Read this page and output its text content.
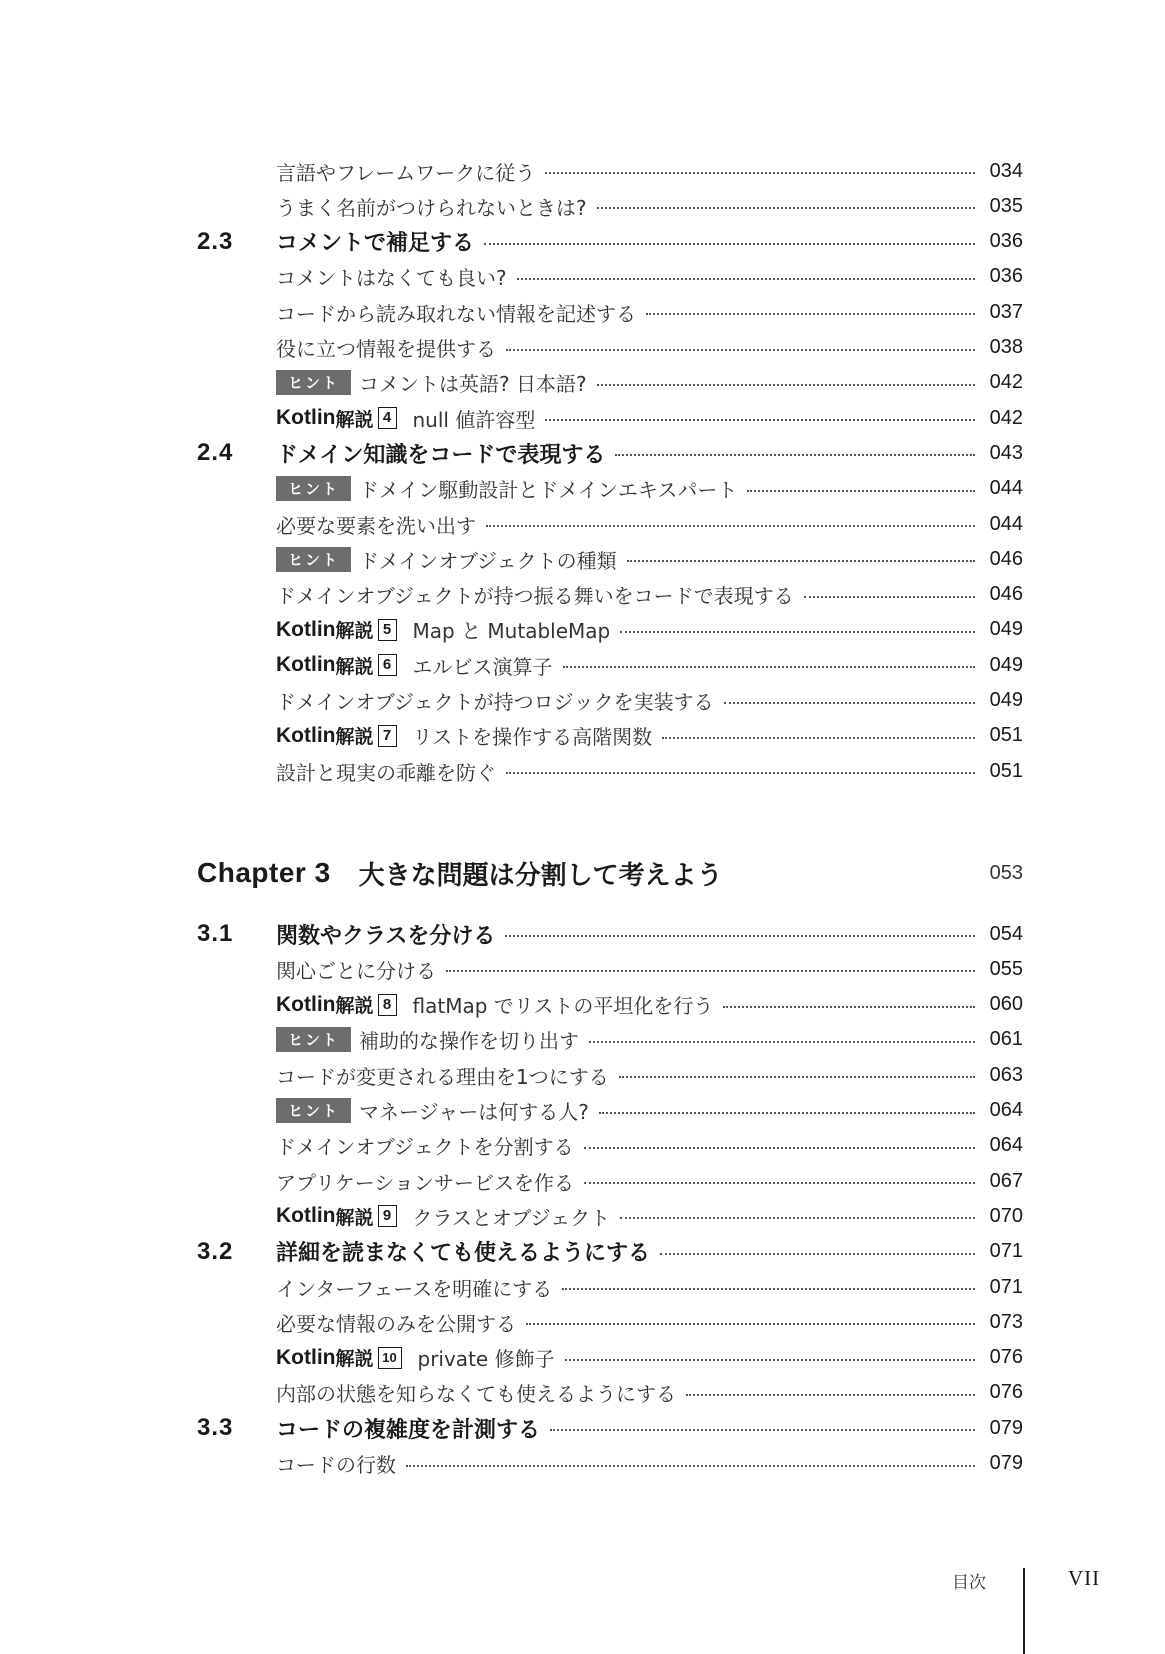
言語やフレームワークに従う	034
うまく名前がつけられないときは?	035
2.3 コメントで補足する	036
コメントはなくても良い?	036
コードから読み取れない情報を記述する	037
役に立つ情報を提供する	038
ヒント	コメントは英語? 日本語?	042
Kotlin 解説 4 null 値許容型	042
2.4 ドメイン知識をコードで表現する	043
ヒント	ドメイン駆動設計とドメインエキスパート	044
必要な要素を洗い出す	044
ヒント	ドメインオブジェクトの種類	046
ドメインオブジェクトが持つ振る舞いをコードで表現する	046
Kotlin 解説 5 Map と MutableMap	049
Kotlin 解説 6 エルビス演算子	049
ドメインオブジェクトが持つロジックを実装する	049
Kotlin 解説 7 リストを操作する高階関数	051
設計と現実の乖離を防ぐ	051
Chapter 3 大きな問題は分割して考えよう	053
3.1 関数やクラスを分ける	054
関心ごとに分ける	055
Kotlin 解説 8 flatMap でリストの平坦化を行う	060
ヒント	補助的な操作を切り出す	061
コードが変更される理由を1つにする	063
ヒント	マネージャーは何する人?	064
ドメインオブジェクトを分割する	064
アプリケーションサービスを作る	067
Kotlin 解説 9 クラスとオブジェクト	070
3.2 詳細を読まなくても使えるようにする	071
インターフェースを明確にする	071
必要な情報のみを公開する	073
Kotlin 解説 10 private 修飾子	076
内部の状態を知らなくても使えるようにする	076
3.3 コードの複雑度を計測する	079
コードの行数	079
目次	VII
